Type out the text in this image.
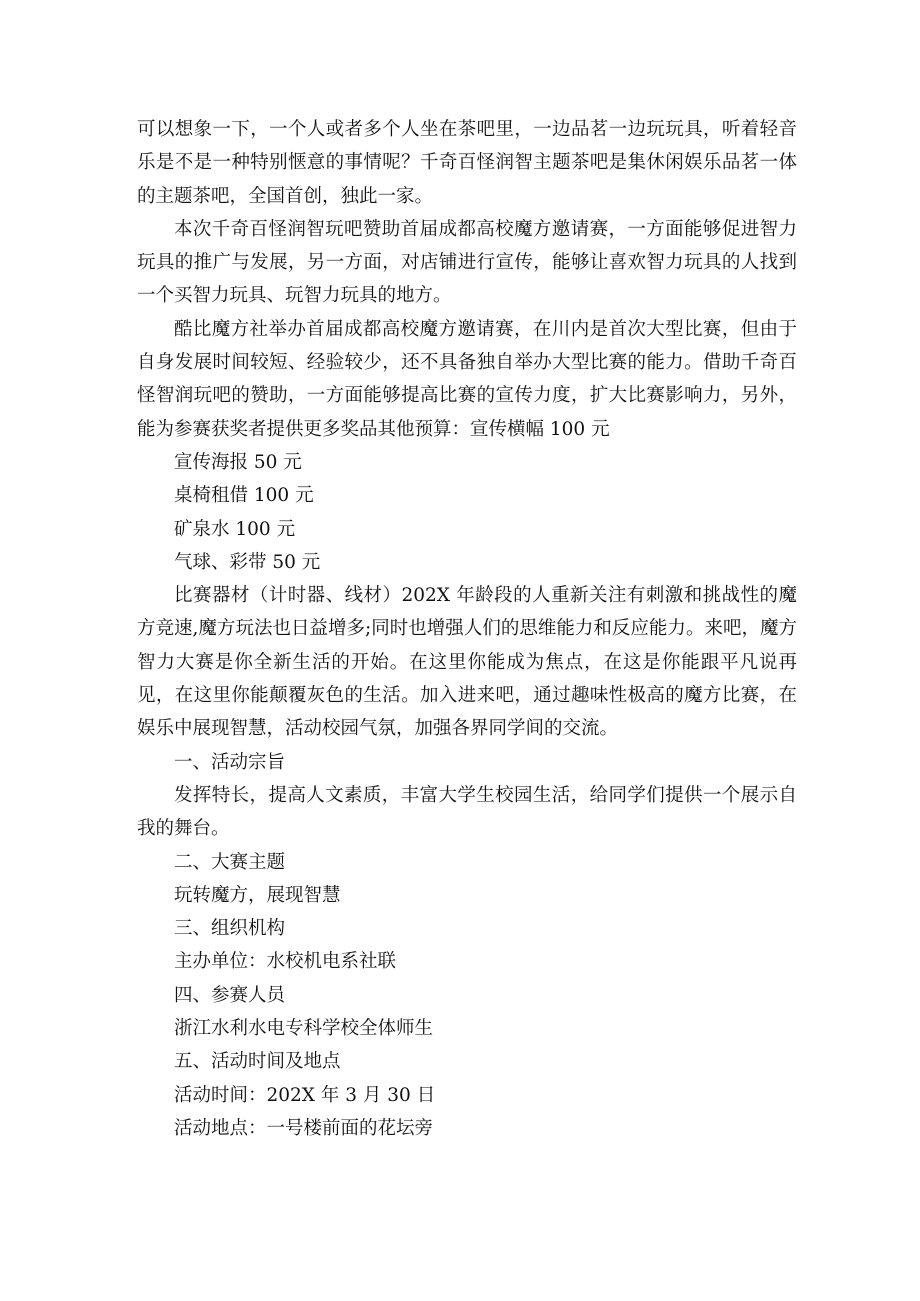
可以想象一下，一个人或者多个人坐在茶吧里，一边品茗一边玩玩具，听着轻音乐是不是一种特别惬意的事情呢？千奇百怪润智主题茶吧是集休闲娱乐品茗一体的主题茶吧，全国首创，独此一家。

本次千奇百怪润智玩吧赞助首届成都高校魔方邀请赛，一方面能够促进智力玩具的推广与发展，另一方面，对店铺进行宣传，能够让喜欢智力玩具的人找到一个买智力玩具、玩智力玩具的地方。

酷比魔方社举办首届成都高校魔方邀请赛，在川内是首次大型比赛，但由于自身发展时间较短、经验较少，还不具备独自举办大型比赛的能力。借助千奇百怪智润玩吧的赞助，一方面能够提高比赛的宣传力度，扩大比赛影响力，另外，能为参赛获奖者提供更多奖品其他预算：宣传横幅 100 元

宣传海报 50 元

桌椅租借 100 元

矿泉水 100 元

气球、彩带 50 元

比赛器材（计时器、线材）202X 年龄段的人重新关注有刺激和挑战性的魔方竞速,魔方玩法也日益增多;同时也增强人们的思维能力和反应能力。来吧，魔方智力大赛是你全新生活的开始。在这里你能成为焦点，在这是你能跟平凡说再见，在这里你能颠覆灰色的生活。加入进来吧，通过趣味性极高的魔方比赛，在娱乐中展现智慧，活动校园气氛，加强各界同学间的交流。

一、活动宗旨

发挥特长，提高人文素质，丰富大学生校园生活，给同学们提供一个展示自我的舞台。

二、大赛主题

玩转魔方，展现智慧

三、组织机构

主办单位：水校机电系社联

四、参赛人员

浙江水利水电专科学校全体师生

五、活动时间及地点

活动时间：202X 年 3 月 30 日

活动地点：一号楼前面的花坛旁
